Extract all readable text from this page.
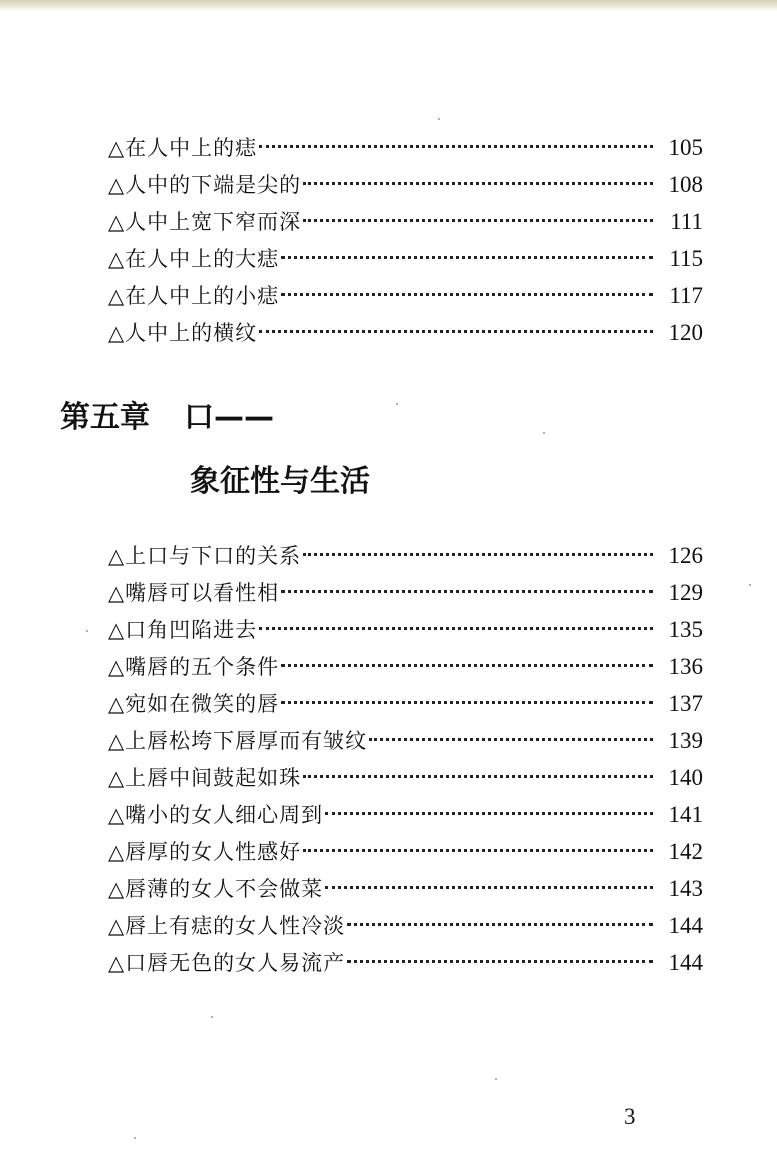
△在人中上的痣	105
△人中的下端是尖的	108
△人中上宽下窄而深	111
△在人中上的大痣	115
△在人中上的小痣	117
△人中上的横纹	120
第五章 口——
象征性与生活
△上口与下口的关系	126
△嘴唇可以看性相	129
△口角凹陷进去	135
△嘴唇的五个条件	136
△宛如在微笑的唇	137
△上唇松垮下唇厚而有皱纹	139
△上唇中间鼓起如珠	140
△嘴小的女人细心周到	141
△唇厚的女人性感好	142
△唇薄的女人不会做菜	143
△唇上有痣的女人性冷淡	144
△口唇无色的女人易流产	144
3
